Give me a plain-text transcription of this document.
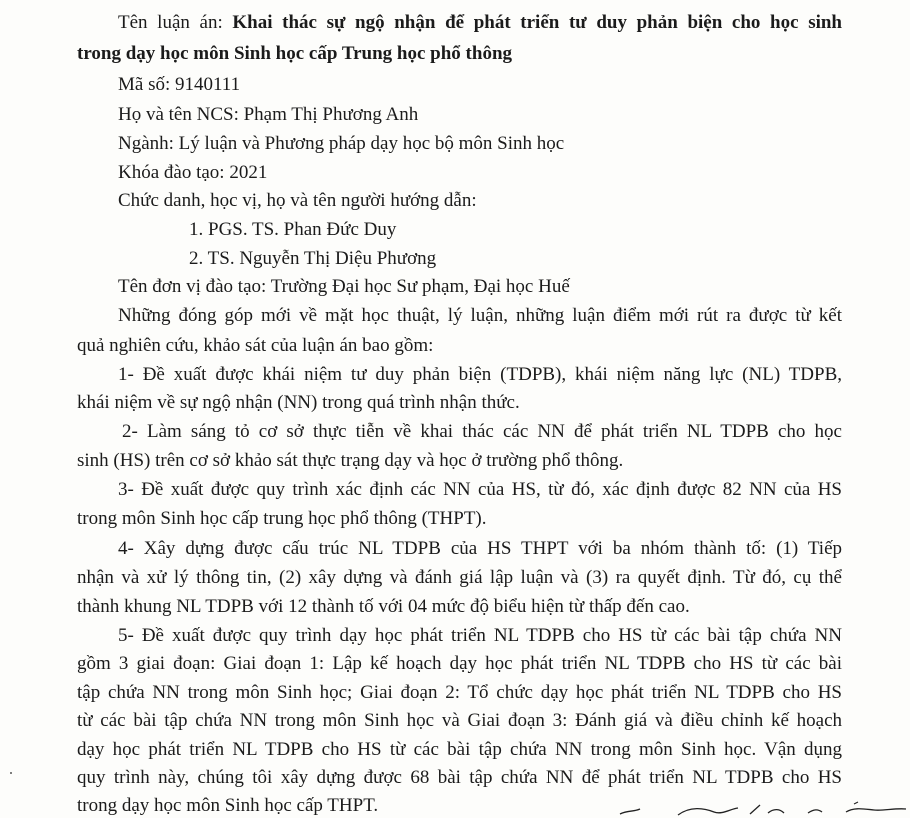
Tên luận án: Khai thác sự ngộ nhận để phát triển tư duy phản biện cho học sinh
trong dạy học môn Sinh học cấp Trung học phổ thông
Mã số: 9140111
Họ và tên NCS: Phạm Thị Phương Anh
Ngành: Lý luận và Phương pháp dạy học bộ môn Sinh học
Khóa đào tạo: 2021
Chức danh, học vị, họ và tên người hướng dẫn:
1. PGS. TS. Phan Đức Duy
2. TS. Nguyễn Thị Diệu Phương
Tên đơn vị đào tạo: Trường Đại học Sư phạm, Đại học Huế
Những đóng góp mới về mặt học thuật, lý luận, những luận điểm mới rút ra được từ kết
quả nghiên cứu, khảo sát của luận án bao gồm:
1- Đề xuất được khái niệm tư duy phản biện (TDPB), khái niệm năng lực (NL) TDPB,
khái niệm về sự ngộ nhận (NN) trong quá trình nhận thức.
2- Làm sáng tỏ cơ sở thực tiễn về khai thác các NN để phát triển NL TDPB cho học
sinh (HS) trên cơ sở khảo sát thực trạng dạy và học ở trường phổ thông.
3- Đề xuất được quy trình xác định các NN của HS, từ đó, xác định được 82 NN của HS
trong môn Sinh học cấp trung học phổ thông (THPT).
4- Xây dựng được cấu trúc NL TDPB của HS THPT với ba nhóm thành tố: (1) Tiếp
nhận và xử lý thông tin, (2) xây dựng và đánh giá lập luận và (3) ra quyết định. Từ đó, cụ thể
thành khung NL TDPB với 12 thành tố với 04 mức độ biểu hiện từ thấp đến cao.
5- Đề xuất được quy trình dạy học phát triển NL TDPB cho HS từ các bài tập chứa NN
gồm 3 giai đoạn: Giai đoạn 1: Lập kế hoạch dạy học phát triển NL TDPB cho HS từ các bài
tập chứa NN trong môn Sinh học; Giai đoạn 2: Tổ chức dạy học phát triển NL TDPB cho HS
từ các bài tập chứa NN trong môn Sinh học và Giai đoạn 3: Đánh giá và điều chỉnh kế hoạch
dạy học phát triển NL TDPB cho HS từ các bài tập chứa NN trong môn Sinh học. Vận dụng
quy trình này, chúng tôi xây dựng được 68 bài tập chứa NN để phát triển NL TDPB cho HS
trong dạy học môn Sinh học cấp THPT.
